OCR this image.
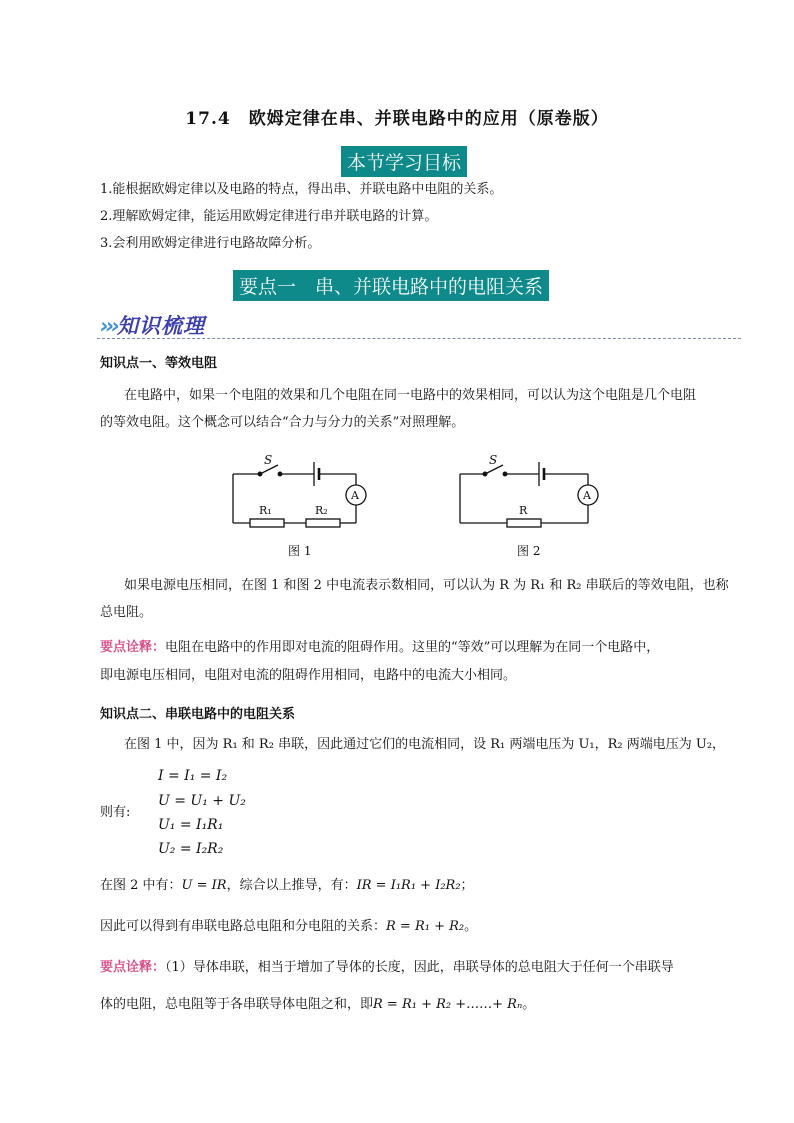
17.4　欧姆定律在串、并联电路中的应用（原卷版）
本节学习目标
1.能根据欧姆定律以及电路的特点，得出串、并联电路中电阻的关系。
2.理解欧姆定律，能运用欧姆定律进行串并联电路的计算。
3.会利用欧姆定律进行电路故障分析。
要点一　串、并联电路中的电阻关系
›››知识梳理
知识点一、等效电阻
在电路中，如果一个电阻的效果和几个电阻在同一电路中的效果相同，可以认为这个电阻是几个电阻
的等效电阻。这个概念可以结合“合力与分力的关系”对照理解。
S
A
R₁	R₂
图 1
S
A
R
图 2
如果电源电压相同，在图 1 和图 2 中电流表示数相同，可以认为 R 为 R₁ 和 R₂ 串联后的等效电阻，也称
总电阻。
要点诠释：电阻在电路中的作用即对电流的阻碍作用。这里的“等效”可以理解为在同一个电路中，
即电源电压相同，电阻对电流的阻碍作用相同，电路中的电流大小相同。
知识点二、串联电路中的电阻关系
在图 1 中，因为 R₁ 和 R₂ 串联，因此通过它们的电流相同，设 R₁ 两端电压为 U₁，R₂ 两端电压为 U₂，
I = I₁ = I₂
U = U₁ + U₂
则有:
U₁ = I₁R₁
U₂ = I₂R₂
在图 2 中有：U = IR，综合以上推导，有：IR = I₁R₁ + I₂R₂；
因此可以得到有串联电路总电阻和分电阻的关系：R = R₁ + R₂。
要点诠释：（1）导体串联，相当于增加了导体的长度，因此，串联导体的总电阻大于任何一个串联导
体的电阻，总电阻等于各串联导体电阻之和，即R = R₁ + R₂ +……+ Rₙ。
